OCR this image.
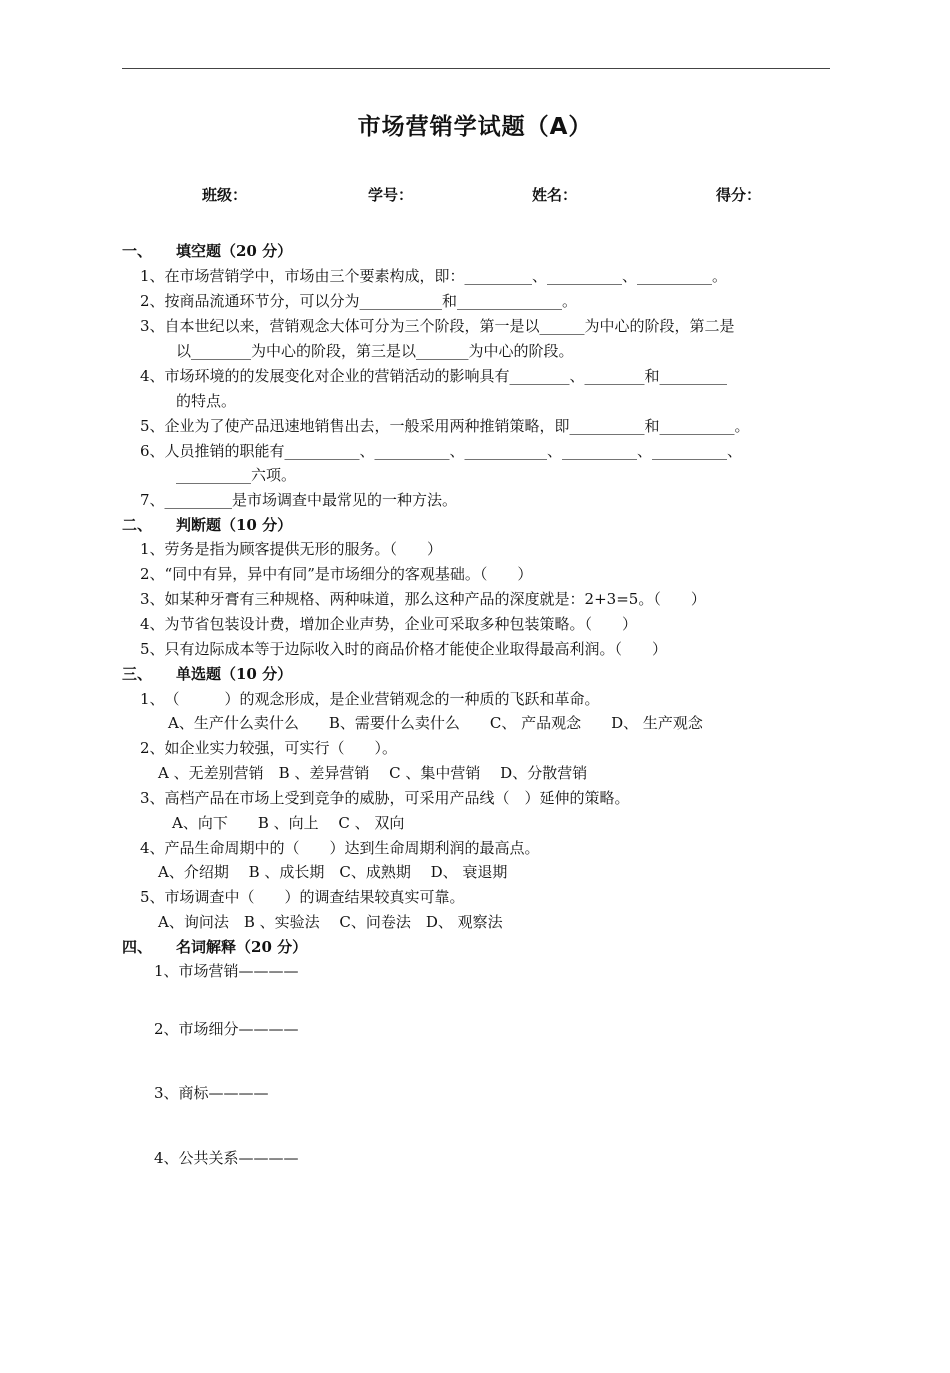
市场营销学试题（A）
班级：	学号：	姓名：	得分：
一、 填空题（20 分）
1、在市场营销学中，市场由三个要素构成，即：_________、__________、__________。
2、按商品流通环节分，可以分为___________和______________。
3、自本世纪以来，营销观念大体可分为三个阶段，第一是以______为中心的阶段，第二是
以________为中心的阶段，第三是以_______为中心的阶段。
4、市场环境的的发展变化对企业的营销活动的影响具有________、________和_________
的特点。
5、企业为了使产品迅速地销售出去，一般采用两种推销策略，即__________和__________。
6、人员推销的职能有__________、__________、___________、__________、__________、
__________六项。
7、_________是市场调查中最常见的一种方法。
二、 判断题（10 分）
1、劳务是指为顾客提供无形的服务。（　　）
2、“同中有异，异中有同”是市场细分的客观基础。（　　）
3、如某种牙膏有三种规格、两种味道，那么这种产品的深度就是：2+3=5。（　　）
4、为节省包装设计费，增加企业声势，企业可采取多种包装策略。（　　）
5、只有边际成本等于边际收入时的商品价格才能使企业取得最高利润。（　　）
三、 单选题（10 分）
1、　（　　　）的观念形成，是企业营销观念的一种质的飞跃和革命。
A、生产什么卖什么　　B、需要什么卖什么　　C、 产品观念　　D、 生产观念
2、如企业实力较强，可实行（　　）。
A 、无差别营销　B 、差异营销　 C 、集中营销　 D、分散营销
3、高档产品在市场上受到竞争的威胁，可采用产品线（　）延伸的策略。
A、向下　　B 、向上　 C 、 双向
4、产品生命周期中的（　　）达到生命周期利润的最高点。
A、介绍期　 B 、成长期　C、成熟期　 D、 衰退期
5、市场调查中（　　）的调查结果较真实可靠。
A、询问法　B 、实验法　 C、问卷法　D、 观察法
四、 名词解释（20 分）
1、市场营销————
2、市场细分————
3、商标————
4、公共关系————
